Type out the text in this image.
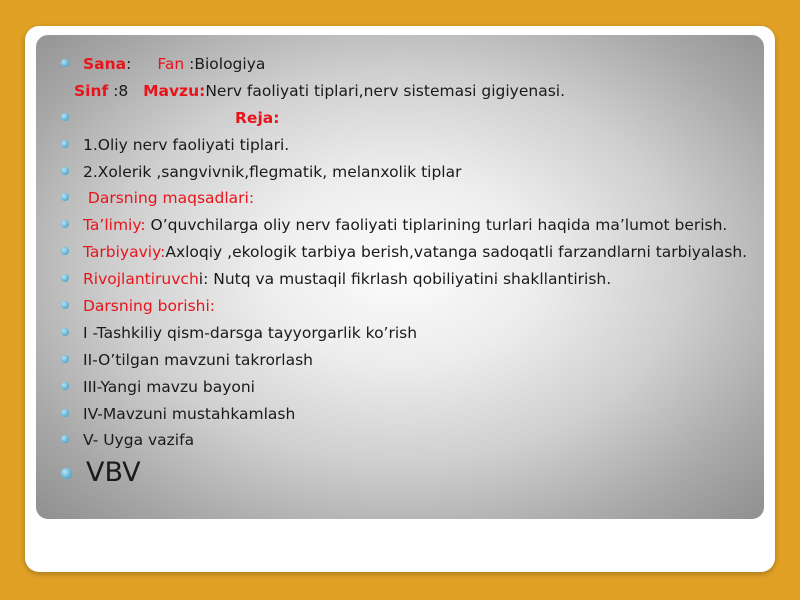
Sana: Fan :Biologiya
Sinf :8   Mavzu:Nerv faoliyati tiplari,nerv sistemasi gigiyenasi.
Reja:
1.Oliy nerv faoliyati tiplari.
2.Xolerik ,sangvivnik,flegmatik, melanxolik tiplar
Darsning maqsadlari:
Ta’limiy: O’quvchilarga oliy nerv faoliyati tiplarining turlari haqida ma’lumot berish.
Tarbiyaviy:Axloqiy ,ekologik tarbiya berish,vatanga sadoqatli farzandlarni tarbiyalash.
Rivojlantiruvchi: Nutq va mustaqil fikrlash qobiliyatini shakllantirish.
Darsning borishi:
I -Tashkiliy qism-darsga tayyorgarlik ko’rish
II-O’tilgan mavzuni takrorlash
III-Yangi mavzu bayoni
IV-Mavzuni mustahkamlash
V- Uyga vazifa
VBV
